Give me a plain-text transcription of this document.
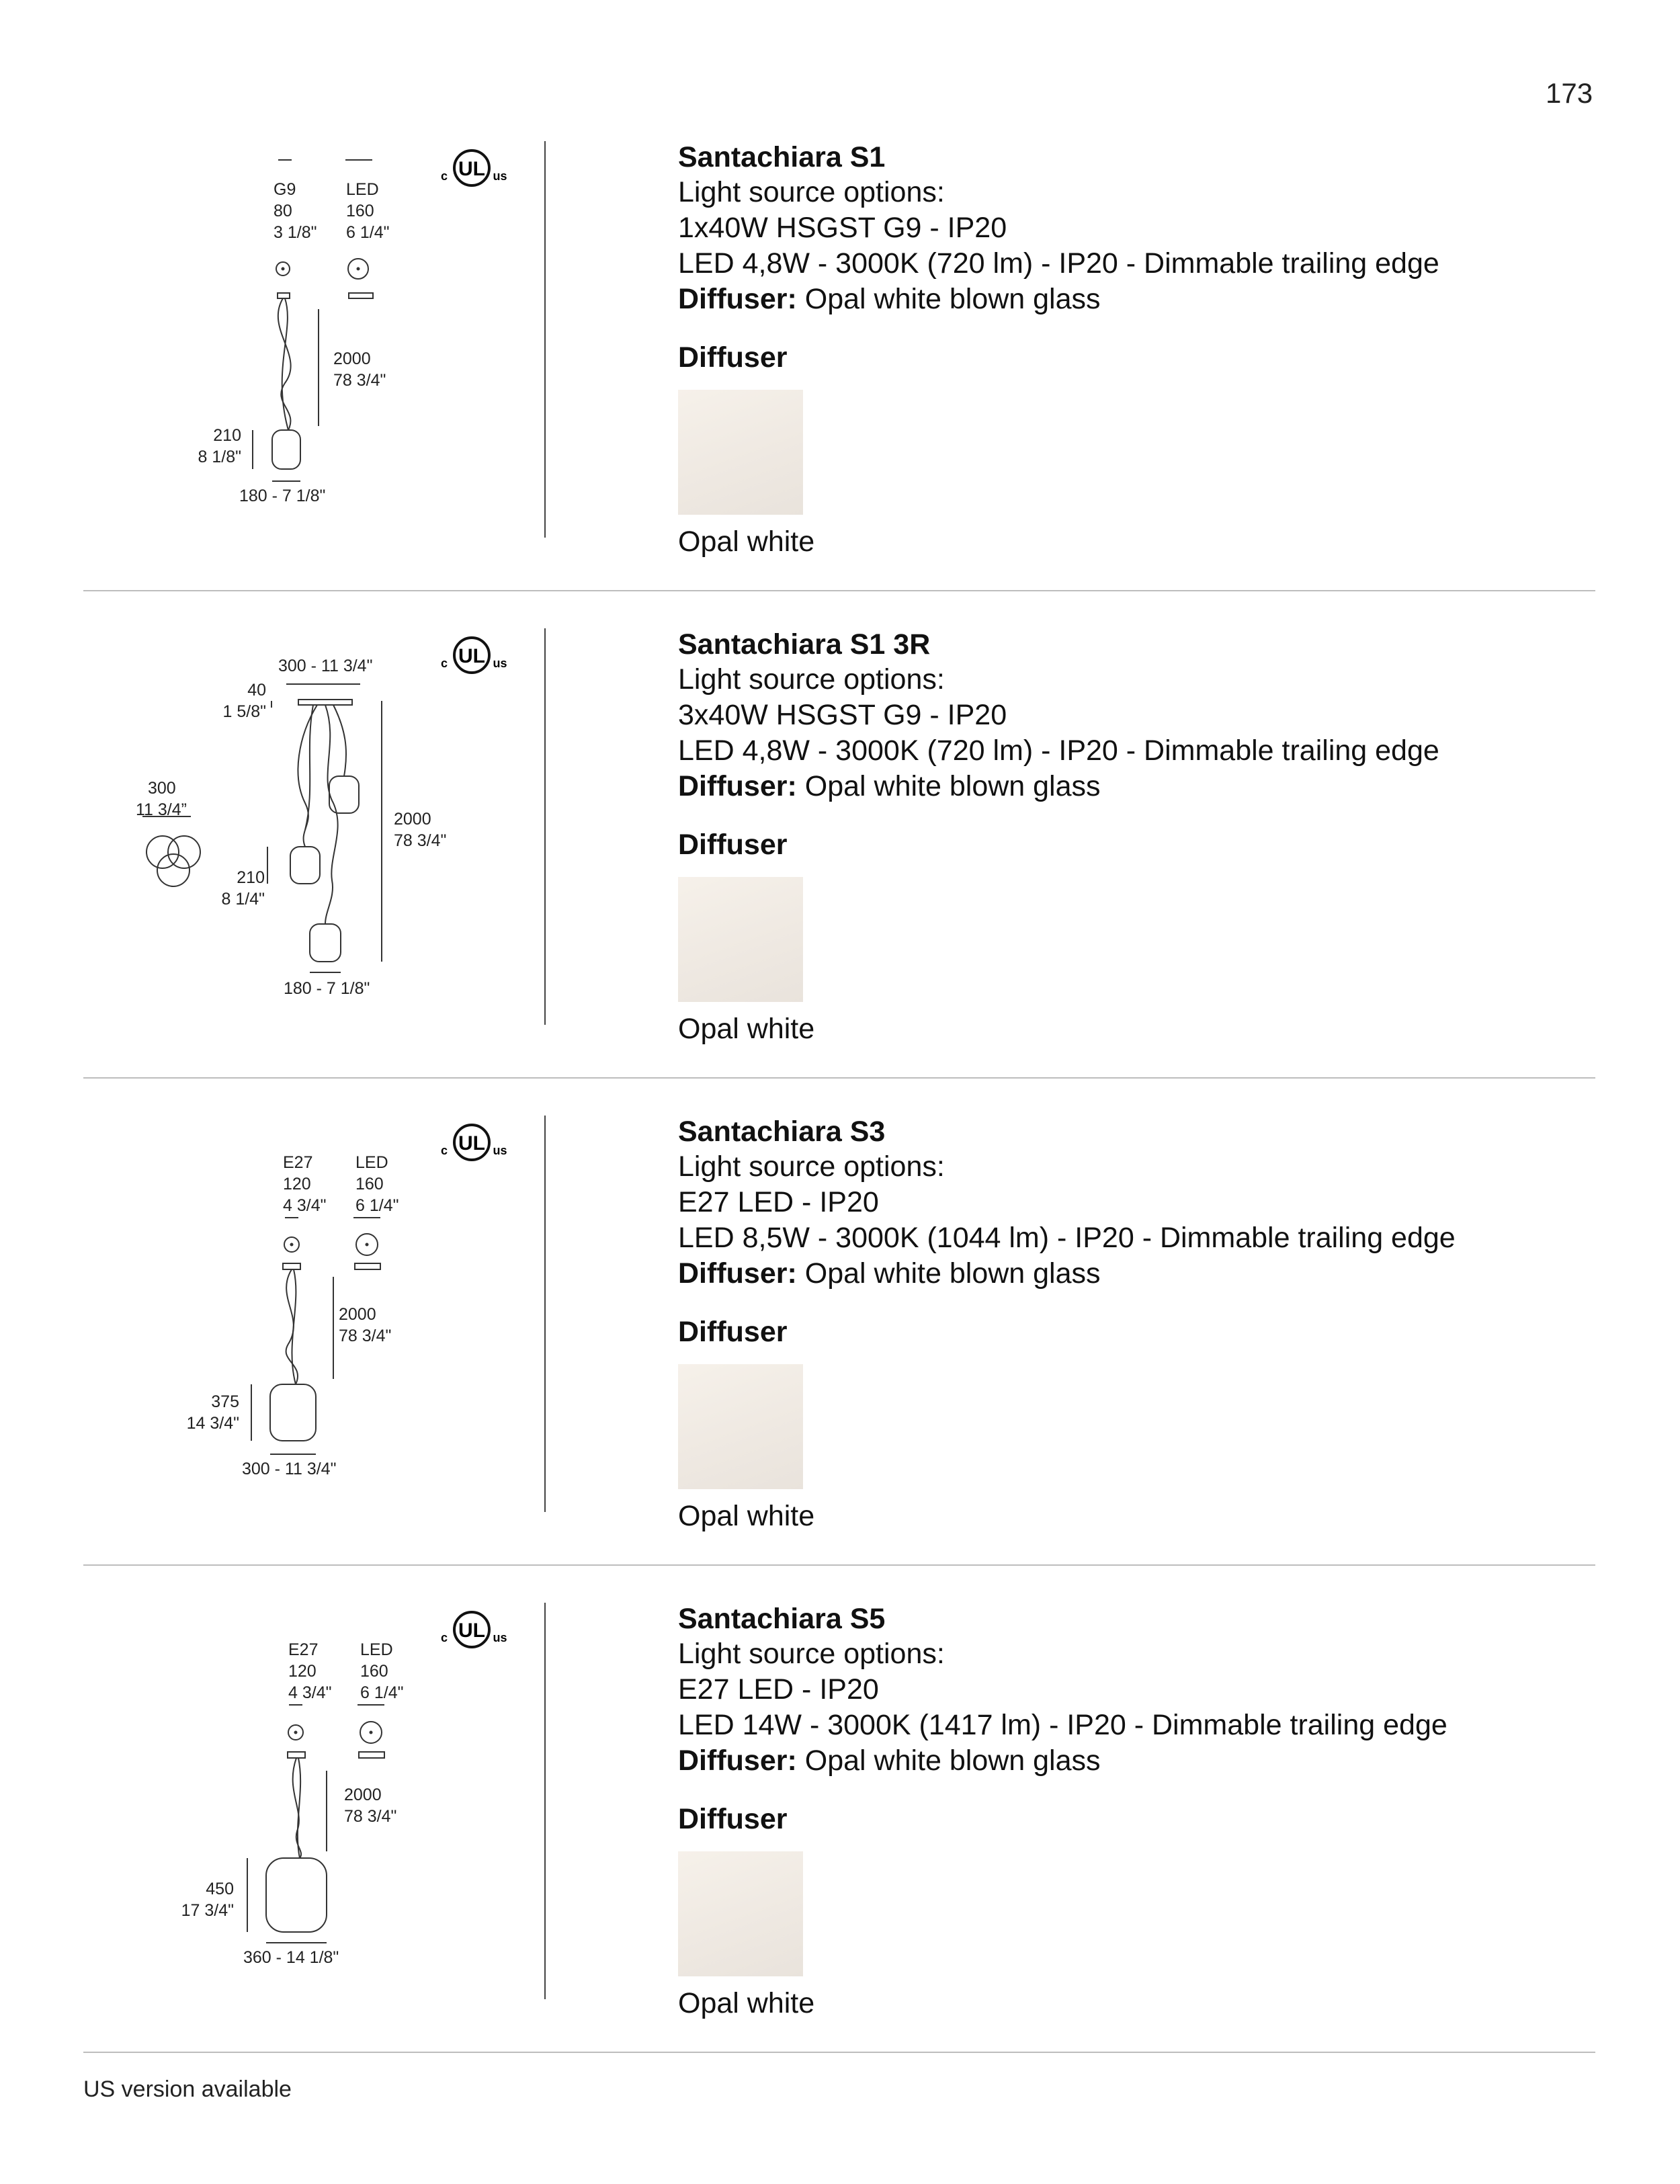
173
UL
c	us
G9
80
3 1/8"
LED
160
6 1/4"
2000
78 3/4"
210
8 1/8"
180 - 7 1/8"
Santachiara S1
Light source options:
1x40W HSGST G9 - IP20
LED 4,8W - 3000K (720 lm) - IP20 - Dimmable trailing edge
Diffuser: Opal white blown glass
Diffuser
Opal white
UL
c	us
300 - 11 3/4"
40
1 5/8"
300
11 3/4”	2000
78 3/4"
210
8 1/4"
180 - 7 1/8"
Santachiara S1 3R
Light source options:
3x40W HSGST G9 - IP20
LED 4,8W - 3000K (720 lm) - IP20 - Dimmable trailing edge
Diffuser: Opal white blown glass
Diffuser
Opal white
UL
c	us
E27
120
4 3/4"
LED
160
6 1/4"
2000
78 3/4"
375
14 3/4"
300 - 11 3/4"
Santachiara S3
Light source options:
E27 LED - IP20
LED 8,5W - 3000K (1044 lm) - IP20 - Dimmable trailing edge
Diffuser: Opal white blown glass
Diffuser
Opal white
UL
c	us
E27
120
4 3/4"
LED
160
6 1/4"
2000
78 3/4"
450
17 3/4"
360 - 14 1/8"
Santachiara S5
Light source options:
E27 LED - IP20
LED 14W - 3000K (1417 lm) - IP20 - Dimmable trailing edge
Diffuser: Opal white blown glass
Diffuser
Opal white
US version available
